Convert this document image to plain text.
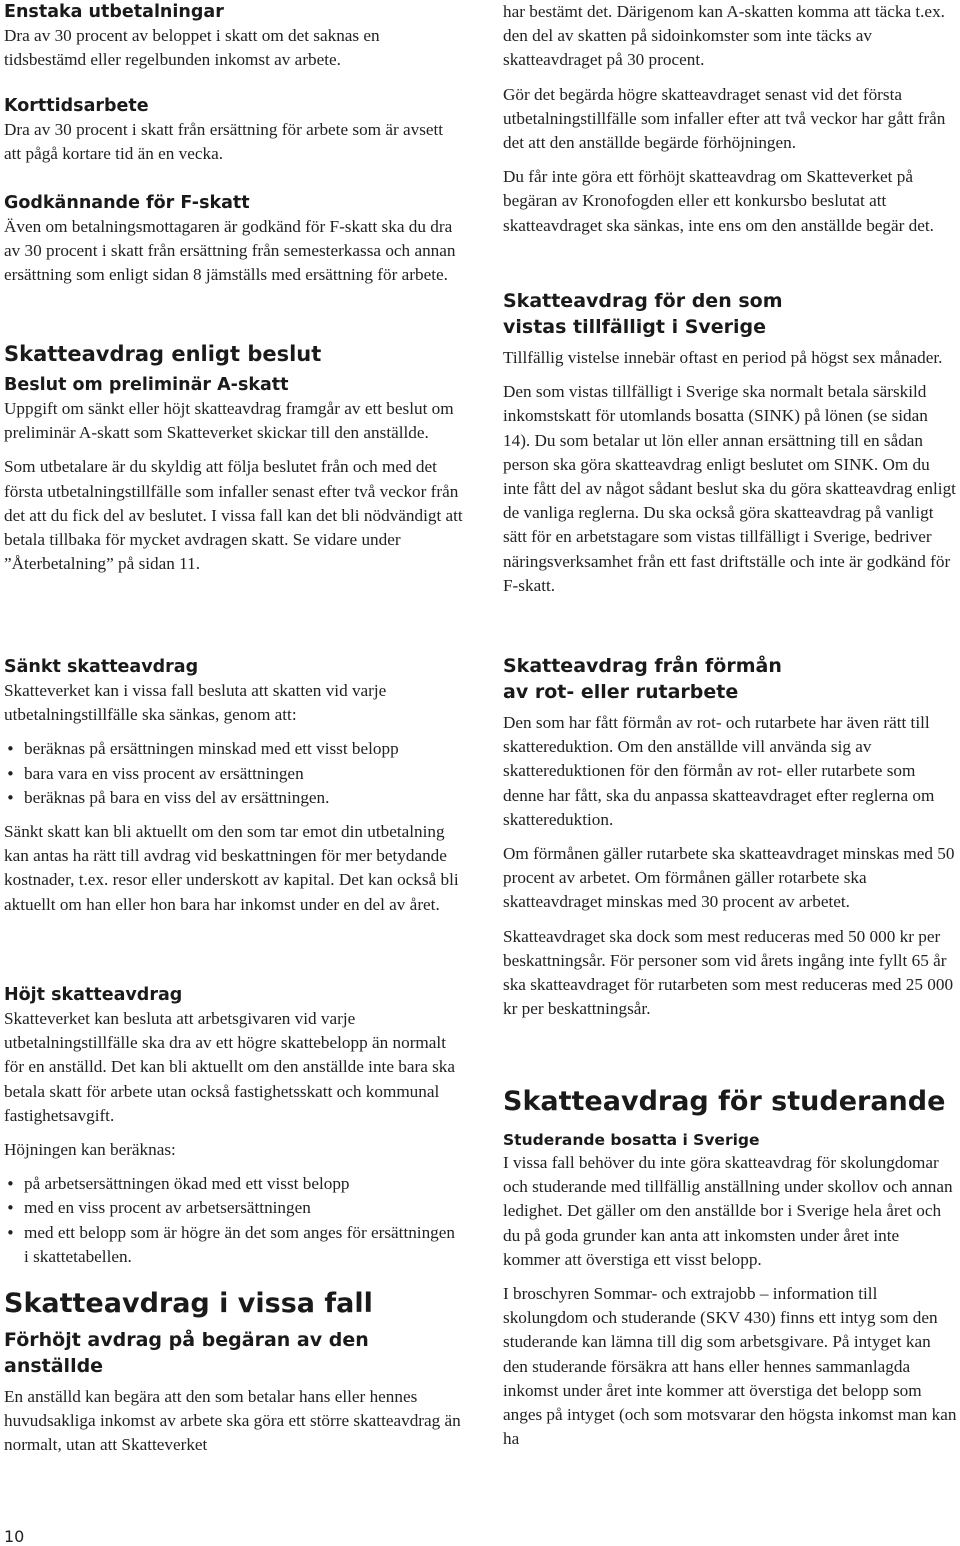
Enstaka utbetalningar

Dra av 30 procent av beloppet i skatt om det saknas en tidsbestämd eller regelbunden inkomst av arbete.

Korttidsarbete

Dra av 30 procent i skatt från ersättning för arbete som är avsett att pågå kortare tid än en vecka.

Godkännande för F-skatt

Även om betalningsmottagaren är godkänd för F-skatt ska du dra av 30 procent i skatt från ersättning från semesterkassa och annan ersättning som enligt sidan 8 jämställs med ersättning för arbete.

Skatteavdrag enligt beslut
Beslut om preliminär A-skatt

Uppgift om sänkt eller höjt skatteavdrag framgår av ett beslut om preliminär A-skatt som Skatteverket skickar till den anställde.

Som utbetalare är du skyldig att följa beslutet från och med det första utbetalningstillfälle som infaller senast efter två veckor från det att du fick del av beslutet. I vissa fall kan det bli nödvändigt att betala tillbaka för mycket avdragen skatt. Se vidare under ”Återbetalning” på sidan 11.

Sänkt skatteavdrag

Skatteverket kan i vissa fall besluta att skatten vid varje utbetalningstillfälle ska sänkas, genom att:

• beräknas på ersättningen minskad med ett visst belopp
• bara vara en viss procent av ersättningen
• beräknas på bara en viss del av ersättningen.

Sänkt skatt kan bli aktuellt om den som tar emot din utbetalning kan antas ha rätt till avdrag vid beskattningen för mer betydande kostnader, t.ex. resor eller underskott av kapital. Det kan också bli aktuellt om han eller hon bara har inkomst under en del av året.

Höjt skatteavdrag

Skatteverket kan besluta att arbetsgivaren vid varje utbetalningstillfälle ska dra av ett högre skattebelopp än normalt för en anställd. Det kan bli aktuellt om den anställde inte bara ska betala skatt för arbete utan också fastighetsskatt och kommunal fastighetsavgift.

Höjningen kan beräknas:

• på arbetsersättningen ökad med ett visst belopp
• med en viss procent av arbetsersättningen
• med ett belopp som är högre än det som anges för ersättningen i skattetabellen.
Skatteavdrag i vissa fall
Förhöjt avdrag på begäran av den anställde

En anställd kan begära att den som betalar hans eller hennes huvudsakliga inkomst av arbete ska göra ett större skatteavdrag än normalt, utan att Skatteverket

har bestämt det. Därigenom kan A-skatten komma att täcka t.ex. den del av skatten på sidoinkomster som inte täcks av skatteavdraget på 30 procent.

Gör det begärda högre skatteavdraget senast vid det första utbetalningstillfälle som infaller efter att två veckor har gått från det att den anställde begärde förhöjningen.

Du får inte göra ett förhöjt skatteavdrag om Skatteverket på begäran av Kronofogden eller ett konkursbo beslutat att skatteavdraget ska sänkas, inte ens om den anställde begär det.

Skatteavdrag för den som vistas tillfälligt i Sverige

Tillfällig vistelse innebär oftast en period på högst sex månader.

Den som vistas tillfälligt i Sverige ska normalt betala särskild inkomstskatt för utomlands bosatta (SINK) på lönen (se sidan 14). Du som betalar ut lön eller annan ersättning till en sådan person ska göra skatteavdrag enligt beslutet om SINK. Om du inte fått del av något sådant beslut ska du göra skatteavdrag enligt de vanliga reglerna. Du ska också göra skatteavdrag på vanligt sätt för en arbetstagare som vistas tillfälligt i Sverige, bedriver näringsverksamhet från ett fast driftställe och inte är godkänd för F-skatt.

Skatteavdrag från förmån av rot- eller rutarbete

Den som har fått förmån av rot- och rutarbete har även rätt till skattereduktion. Om den anställde vill använda sig av skattereduktionen för den förmån av rot- eller rutarbete som denne har fått, ska du anpassa skatteavdraget efter reglerna om skattereduktion.

Om förmånen gäller rutarbete ska skatteavdraget minskas med 50 procent av arbetet. Om förmånen gäller rotarbete ska skatteavdraget minskas med 30 procent av arbetet.

Skatteavdraget ska dock som mest reduceras med 50 000 kr per beskattningsår. För personer som vid årets ingång inte fyllt 65 år ska skatteavdraget för rutarbeten som mest reduceras med 25 000 kr per beskattningsår.

Skatteavdrag för studerande
Studerande bosatta i Sverige

I vissa fall behöver du inte göra skatteavdrag för skolungdomar och studerande med tillfällig anställning under skollov och annan ledighet. Det gäller om den anställde bor i Sverige hela året och du på goda grunder kan anta att inkomsten under året inte kommer att överstiga ett visst belopp.

I broschyren Sommar- och extrajobb – information till skolungdom och studerande (SKV 430) finns ett intyg som den studerande kan lämna till dig som arbetsgivare. På intyget kan den studerande försäkra att hans eller hennes sammanlagda inkomst under året inte kommer att överstiga det belopp som anges på intyget (och som motsvarar den högsta inkomst man kan ha

10
